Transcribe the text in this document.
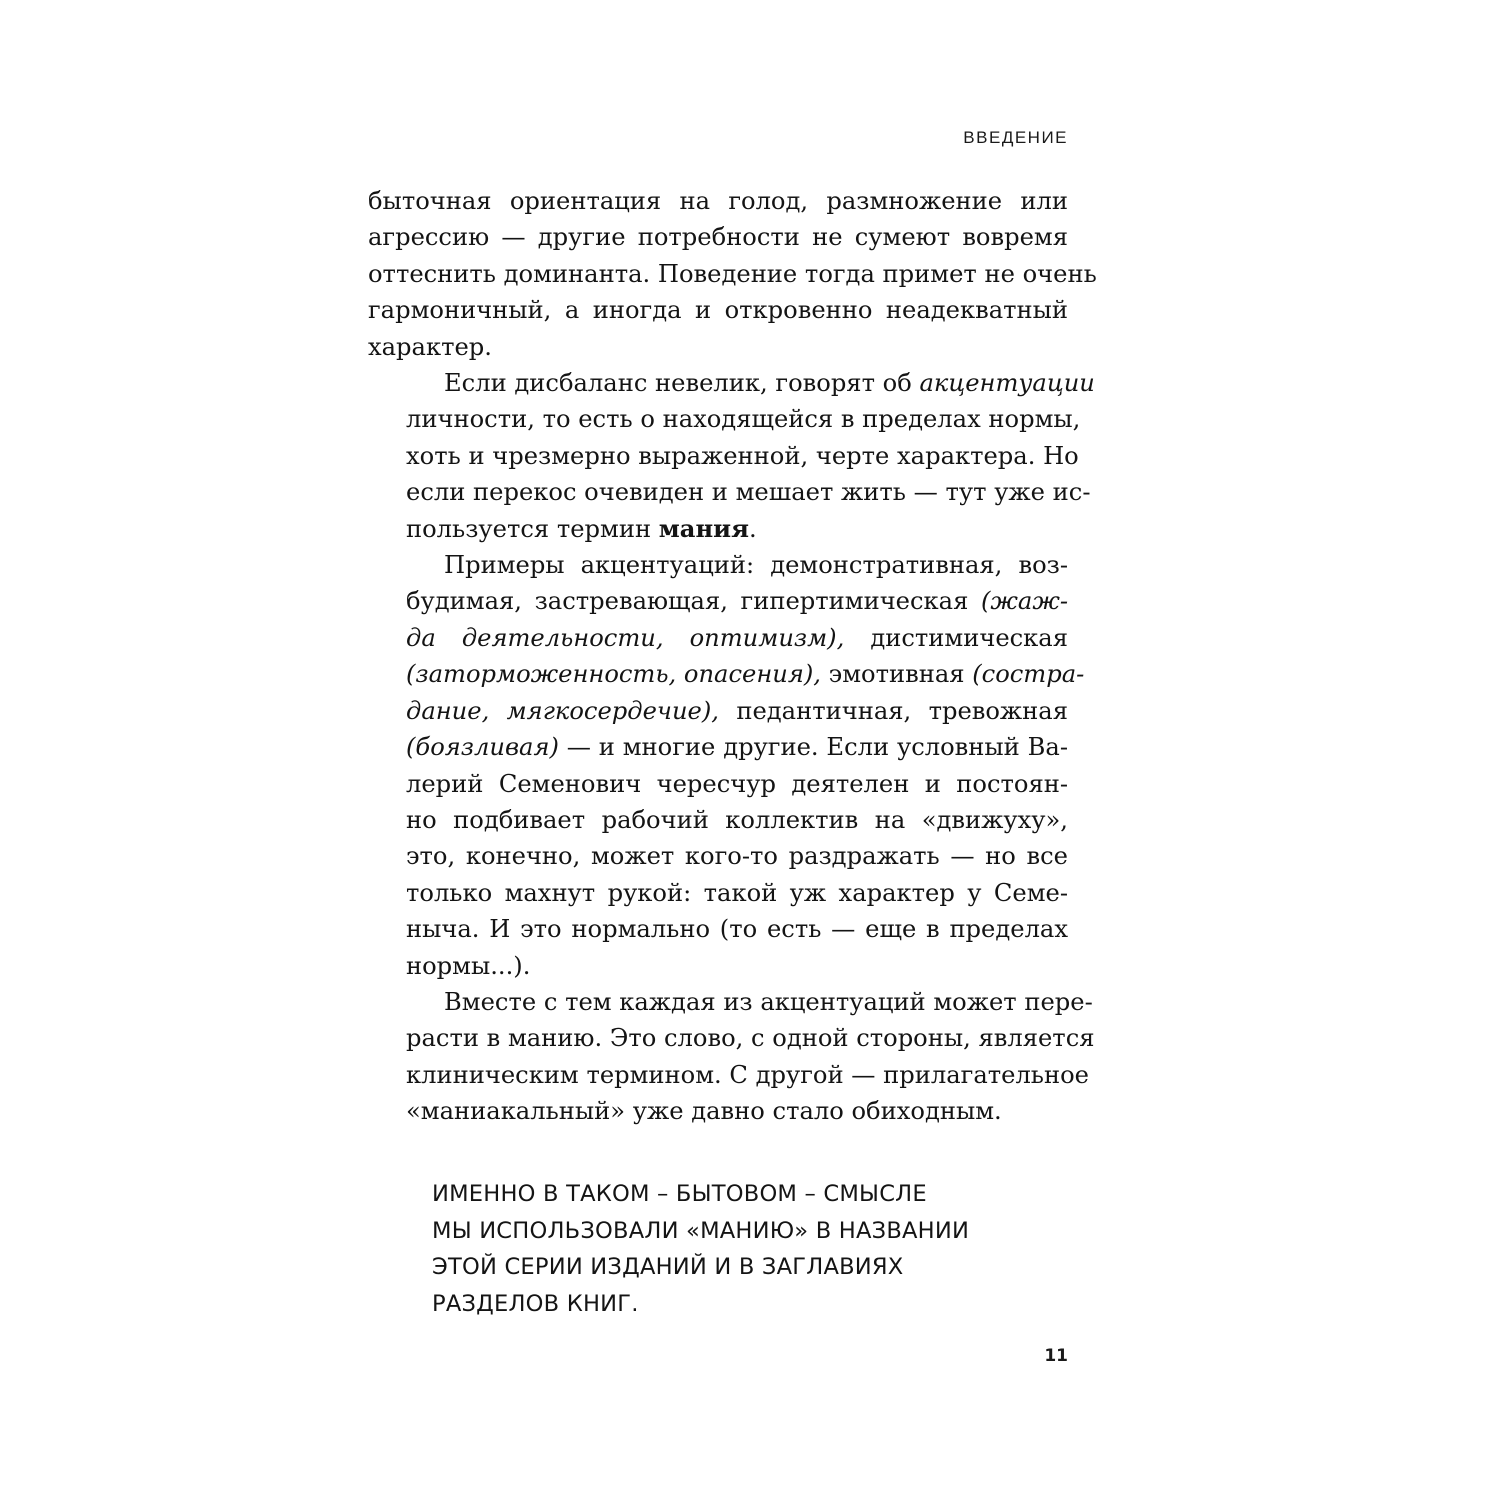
ВВЕДЕНИЕ
быточная ориентация на голод, размножение или
агрессию — другие потребности не сумеют вовремя
оттеснить доминанта. Поведение тогда примет не очень
гармоничный, а иногда и откровенно неадекватный
характер.
Если дисбаланс невелик, говорят об акцентуации
личности, то есть о находящейся в пределах нормы,
хоть и чрезмерно выраженной, черте характера. Но
если перекос очевиден и мешает жить — тут уже ис-
пользуется термин мания.
Примеры акцентуаций: демонстративная, воз-
будимая, застревающая, гипертимическая (жаж-
да деятельности, оптимизм), дистимическая
(заторможенность, опасения), эмотивная (состра-
дание, мягкосердечие), педантичная, тревожная
(боязливая) — и многие другие. Если условный Ва-
лерий Семенович чересчур деятелен и постоян-
но подбивает рабочий коллектив на «движуху»,
это, конечно, может кого-то раздражать — но все
только махнут рукой: такой уж характер у Семе-
ныча. И это нормально (то есть — еще в пределах
нормы...).
Вместе с тем каждая из акцентуаций может пере-
расти в манию. Это слово, с одной стороны, является
клиническим термином. С другой — прилагательное
«маниакальный» уже давно стало обиходным.
ИМЕННО В ТАКОМ – БЫТОВОМ – СМЫСЛЕ
МЫ ИСПОЛЬЗОВАЛИ «МАНИЮ» В НАЗВАНИИ
ЭТОЙ СЕРИИ ИЗДАНИЙ И В ЗАГЛАВИЯХ
РАЗДЕЛОВ КНИГ.
11
